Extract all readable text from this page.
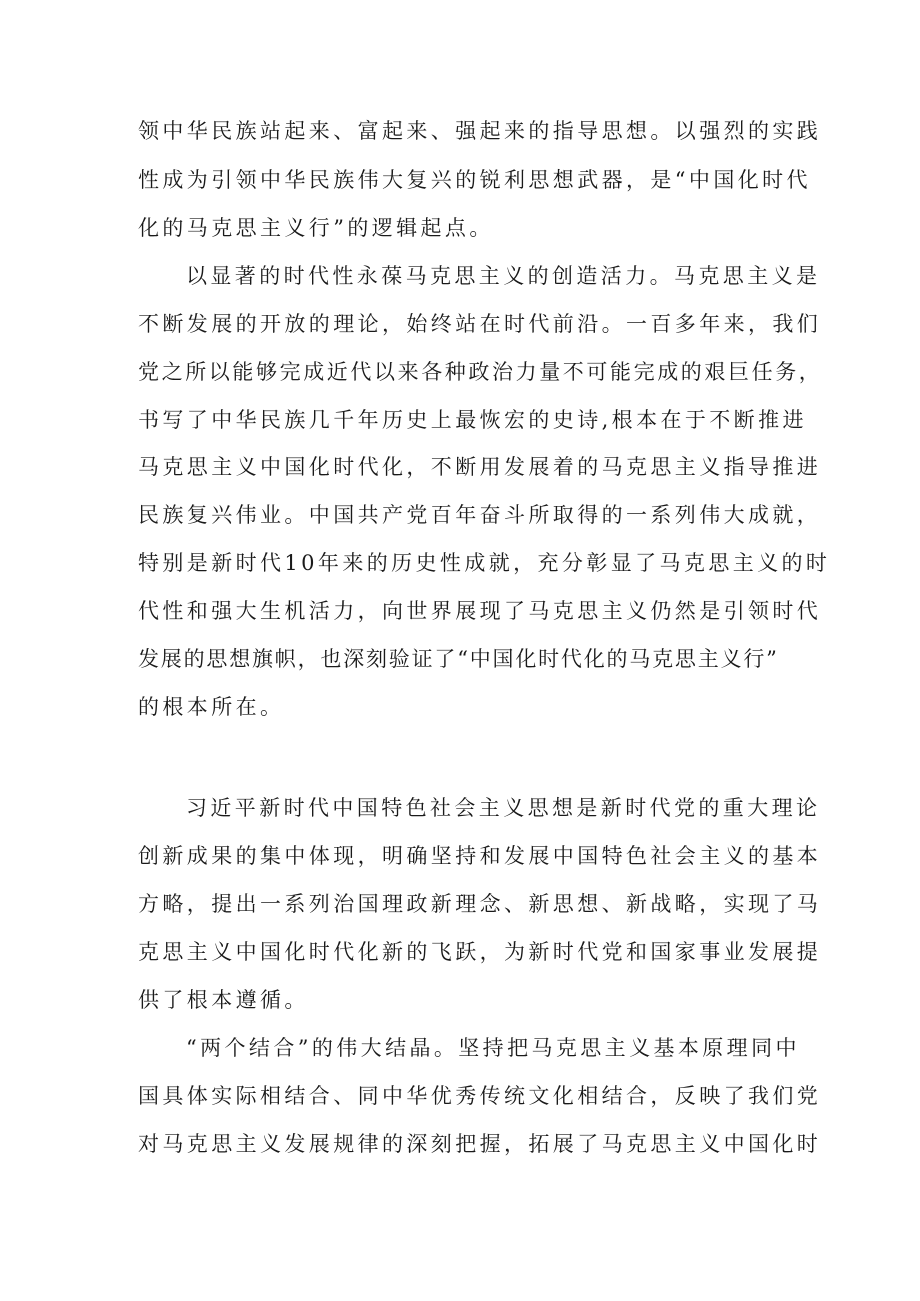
领中华民族站起来、富起来、强起来的指导思想。以强烈的实践
性成为引领中华民族伟大复兴的锐利思想武器，是“中国化时代
化的马克思主义行”的逻辑起点。
以显著的时代性永葆马克思主义的创造活力。马克思主义是
不断发展的开放的理论，始终站在时代前沿。一百多年来，我们
党之所以能够完成近代以来各种政治力量不可能完成的艰巨任务，
书写了中华民族几千年历史上最恢宏的史诗,根本在于不断推进
马克思主义中国化时代化，不断用发展着的马克思主义指导推进
民族复兴伟业。中国共产党百年奋斗所取得的一系列伟大成就，
特别是新时代10年来的历史性成就，充分彰显了马克思主义的时
代性和强大生机活力，向世界展现了马克思主义仍然是引领时代
发展的思想旗帜，也深刻验证了“中国化时代化的马克思主义行”
的根本所在。
习近平新时代中国特色社会主义思想是新时代党的重大理论
创新成果的集中体现，明确坚持和发展中国特色社会主义的基本
方略，提出一系列治国理政新理念、新思想、新战略，实现了马
克思主义中国化时代化新的飞跃，为新时代党和国家事业发展提
供了根本遵循。
“两个结合”的伟大结晶。坚持把马克思主义基本原理同中
国具体实际相结合、同中华优秀传统文化相结合，反映了我们党
对马克思主义发展规律的深刻把握，拓展了马克思主义中国化时
